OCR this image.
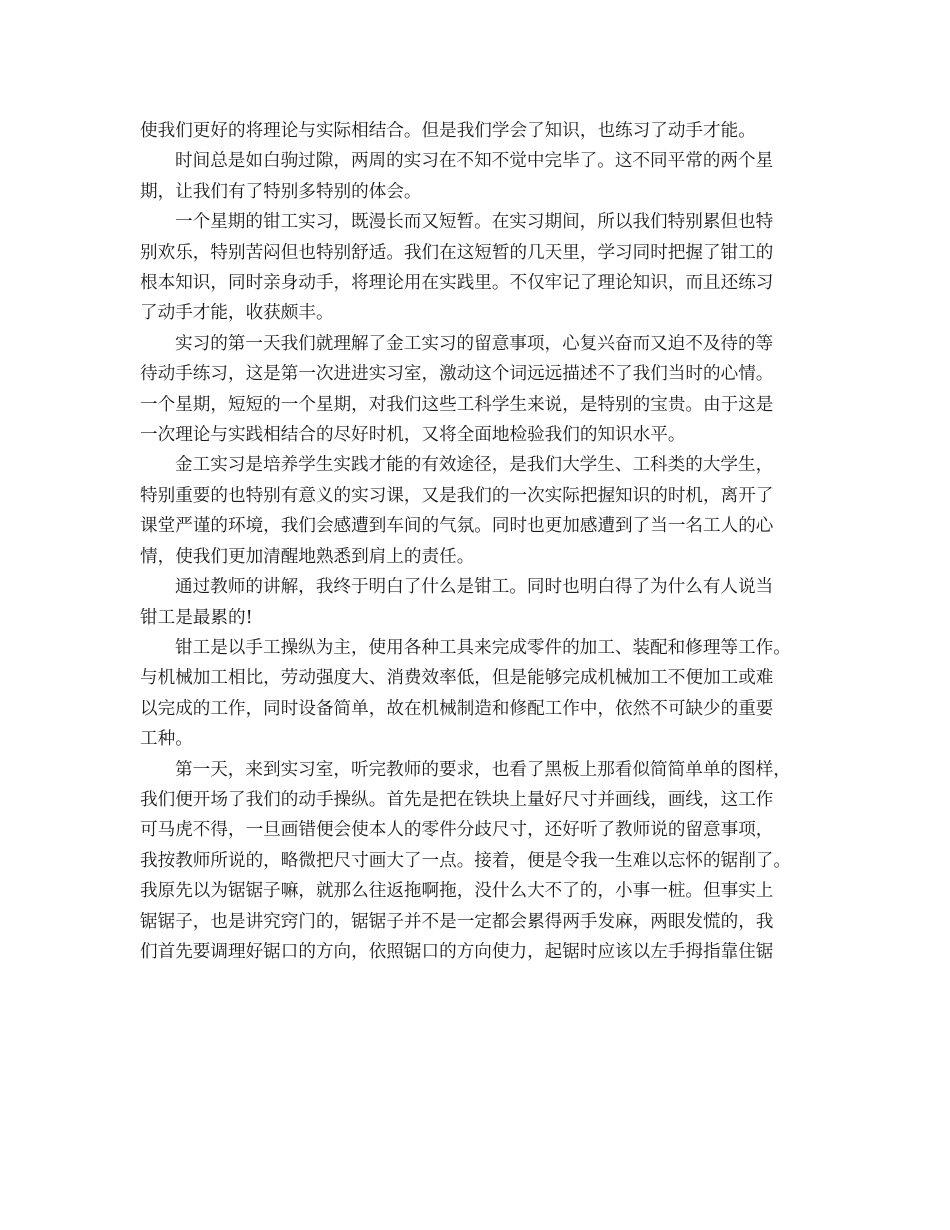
使我们更好的将理论与实际相结合。但是我们学会了知识，也练习了动手才能。
时间总是如白驹过隙，两周的实习在不知不觉中完毕了。这不同平常的两个星
期，让我们有了特别多特别的体会。
一个星期的钳工实习，既漫长而又短暂。在实习期间，所以我们特别累但也特
别欢乐，特别苦闷但也特别舒适。我们在这短暂的几天里，学习同时把握了钳工的
根本知识，同时亲身动手，将理论用在实践里。不仅牢记了理论知识，而且还练习
了动手才能，收获颇丰。
实习的第一天我们就理解了金工实习的留意事项，心复兴奋而又迫不及待的等
待动手练习，这是第一次进进实习室，激动这个词远远描述不了我们当时的心情。
一个星期，短短的一个星期，对我们这些工科学生来说，是特别的宝贵。由于这是
一次理论与实践相结合的尽好时机，又将全面地检验我们的知识水平。
金工实习是培养学生实践才能的有效途径，是我们大学生、工科类的大学生，
特别重要的也特别有意义的实习课，又是我们的一次实际把握知识的时机，离开了
课堂严谨的环境，我们会感遭到车间的气氛。同时也更加感遭到了当一名工人的心
情，使我们更加清醒地熟悉到肩上的责任。
通过教师的讲解，我终于明白了什么是钳工。同时也明白得了为什么有人说当
钳工是最累的!
钳工是以手工操纵为主，使用各种工具来完成零件的加工、装配和修理等工作。
与机械加工相比，劳动强度大、消费效率低，但是能够完成机械加工不便加工或难
以完成的工作，同时设备简单，故在机械制造和修配工作中，依然不可缺少的重要
工种。
第一天，来到实习室，听完教师的要求，也看了黑板上那看似简简单单的图样，
我们便开场了我们的动手操纵。首先是把在铁块上量好尺寸并画线，画线，这工作
可马虎不得，一旦画错便会使本人的零件分歧尺寸，还好听了教师说的留意事项，
我按教师所说的，略微把尺寸画大了一点。接着，便是令我一生难以忘怀的锯削了。
我原先以为锯锯子嘛，就那么往返拖啊拖，没什么大不了的，小事一桩。但事实上
锯锯子，也是讲究窍门的，锯锯子并不是一定都会累得两手发麻，两眼发慌的，我
们首先要调理好锯口的方向，依照锯口的方向使力，起锯时应该以左手拇指靠住锯
